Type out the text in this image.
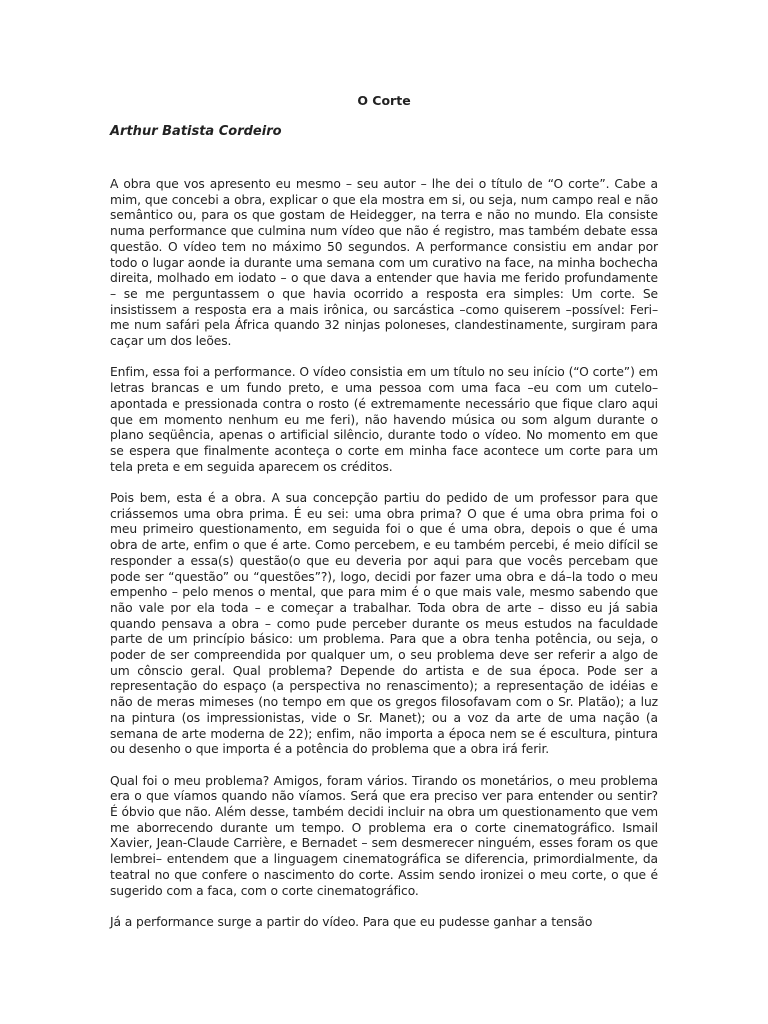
O Corte

Arthur Batista Cordeiro

A obra que vos apresento eu mesmo – seu autor – lhe dei o título de “O corte”. Cabe a mim, que concebi a obra, explicar o que ela mostra em si, ou seja, num campo real e não semântico ou, para os que gostam de Heidegger, na terra e não no mundo. Ela consiste numa performance que culmina num vídeo que não é registro, mas também debate essa questão. O vídeo tem no máximo 50 segundos. A performance consistiu em andar por todo o lugar aonde ia durante uma semana com um curativo na face, na minha bochecha direita, molhado em iodato – o que dava a entender que havia me ferido profundamente – se me perguntassem o que havia ocorrido a resposta era simples: Um corte. Se insistissem a resposta era a mais irônica, ou sarcástica –como quiserem –possível: Feri–me num safári pela África quando 32 ninjas poloneses, clandestinamente, surgiram para caçar um dos leões.

Enfim, essa foi a performance. O vídeo consistia em um título no seu início (“O corte”) em letras brancas e um fundo preto, e uma pessoa com uma faca –eu com um cutelo– apontada e pressionada contra o rosto (é extremamente necessário que fique claro aqui que em momento nenhum eu me feri), não havendo música ou som algum durante o plano seqüência, apenas o artificial silêncio, durante todo o vídeo. No momento em que se espera que finalmente aconteça o corte em minha face acontece um corte para um tela preta e em seguida aparecem os créditos.

Pois bem, esta é a obra. A sua concepção partiu do pedido de um professor para que criássemos uma obra prima. É eu sei: uma obra prima? O que é uma obra prima foi o meu primeiro questionamento, em seguida foi o que é uma obra, depois o que é uma obra de arte, enfim o que é arte. Como percebem, e eu também percebi, é meio difícil se responder a essa(s) questão(o que eu deveria por aqui para que vocês percebam que pode ser “questão” ou “questões”?), logo, decidi por fazer uma obra e dá–la todo o meu empenho – pelo menos o mental, que para mim é o que mais vale, mesmo sabendo que não vale por ela toda – e começar a trabalhar. Toda obra de arte – disso eu já sabia quando pensava a obra – como pude perceber durante os meus estudos na faculdade parte de um princípio básico: um problema. Para que a obra tenha potência, ou seja, o poder de ser compreendida por qualquer um, o seu problema deve ser referir a algo de um cônscio geral. Qual problema? Depende do artista e de sua época. Pode ser a representação do espaço (a perspectiva no renascimento); a representação de idéias e não de meras mimeses (no tempo em que os gregos filosofavam com o Sr. Platão); a luz na pintura (os impressionistas, vide o Sr. Manet); ou a voz da arte de uma nação (a semana de arte moderna de 22); enfim, não importa a época nem se é escultura, pintura ou desenho o que importa é a potência do problema que a obra irá ferir.

Qual foi o meu problema? Amigos, foram vários. Tirando os monetários, o meu problema era o que víamos quando não víamos. Será que era preciso ver para entender ou sentir? É óbvio que não. Além desse, também decidi incluir na obra um questionamento que vem me aborrecendo durante um tempo. O problema era o corte cinematográfico. Ismail Xavier, Jean-Claude Carrière, e Bernadet – sem desmerecer ninguém, esses foram os que lembrei– entendem que a linguagem cinematográfica se diferencia, primordialmente, da teatral no que confere o nascimento do corte. Assim sendo ironizei o meu corte, o que é sugerido com a faca, com o corte cinematográfico.

Já a performance surge a partir do vídeo. Para que eu pudesse ganhar a tensão
